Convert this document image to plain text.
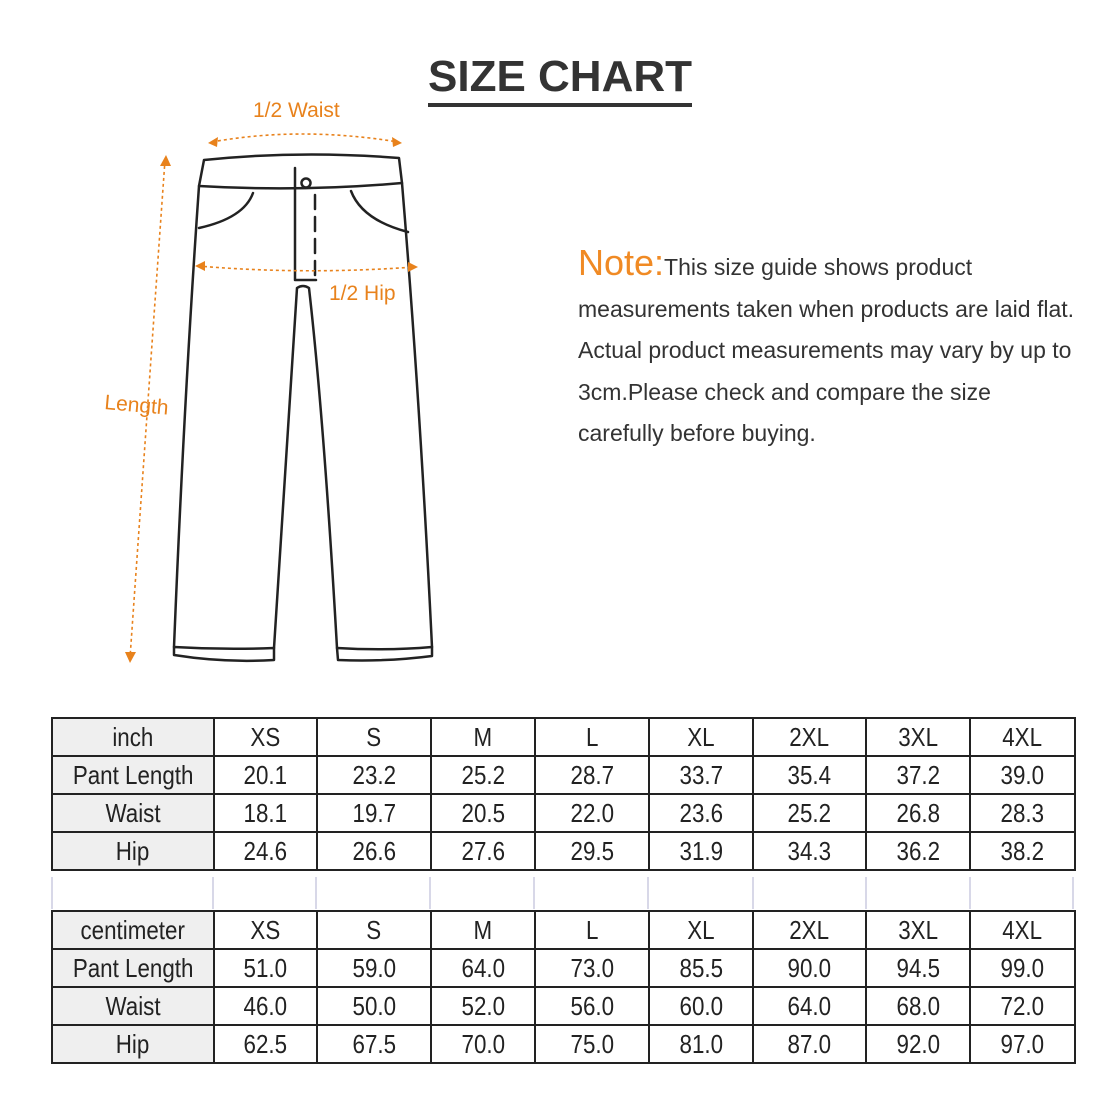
SIZE CHART
1/2 Waist
1/2 Hip
Length
Note:This size guide shows product measurements taken when products are laid flat. Actual product measurements may vary by up to 3cm.Please check and compare the size carefully before buying.
inch	XS	S	M	L	XL	2XL	3XL	4XL
Pant Length	20.1	23.2	25.2	28.7	33.7	35.4	37.2	39.0
Waist	18.1	19.7	20.5	22.0	23.6	25.2	26.8	28.3
Hip	24.6	26.6	27.6	29.5	31.9	34.3	36.2	38.2
centimeter	XS	S	M	L	XL	2XL	3XL	4XL
Pant Length	51.0	59.0	64.0	73.0	85.5	90.0	94.5	99.0
Waist	46.0	50.0	52.0	56.0	60.0	64.0	68.0	72.0
Hip	62.5	67.5	70.0	75.0	81.0	87.0	92.0	97.0
